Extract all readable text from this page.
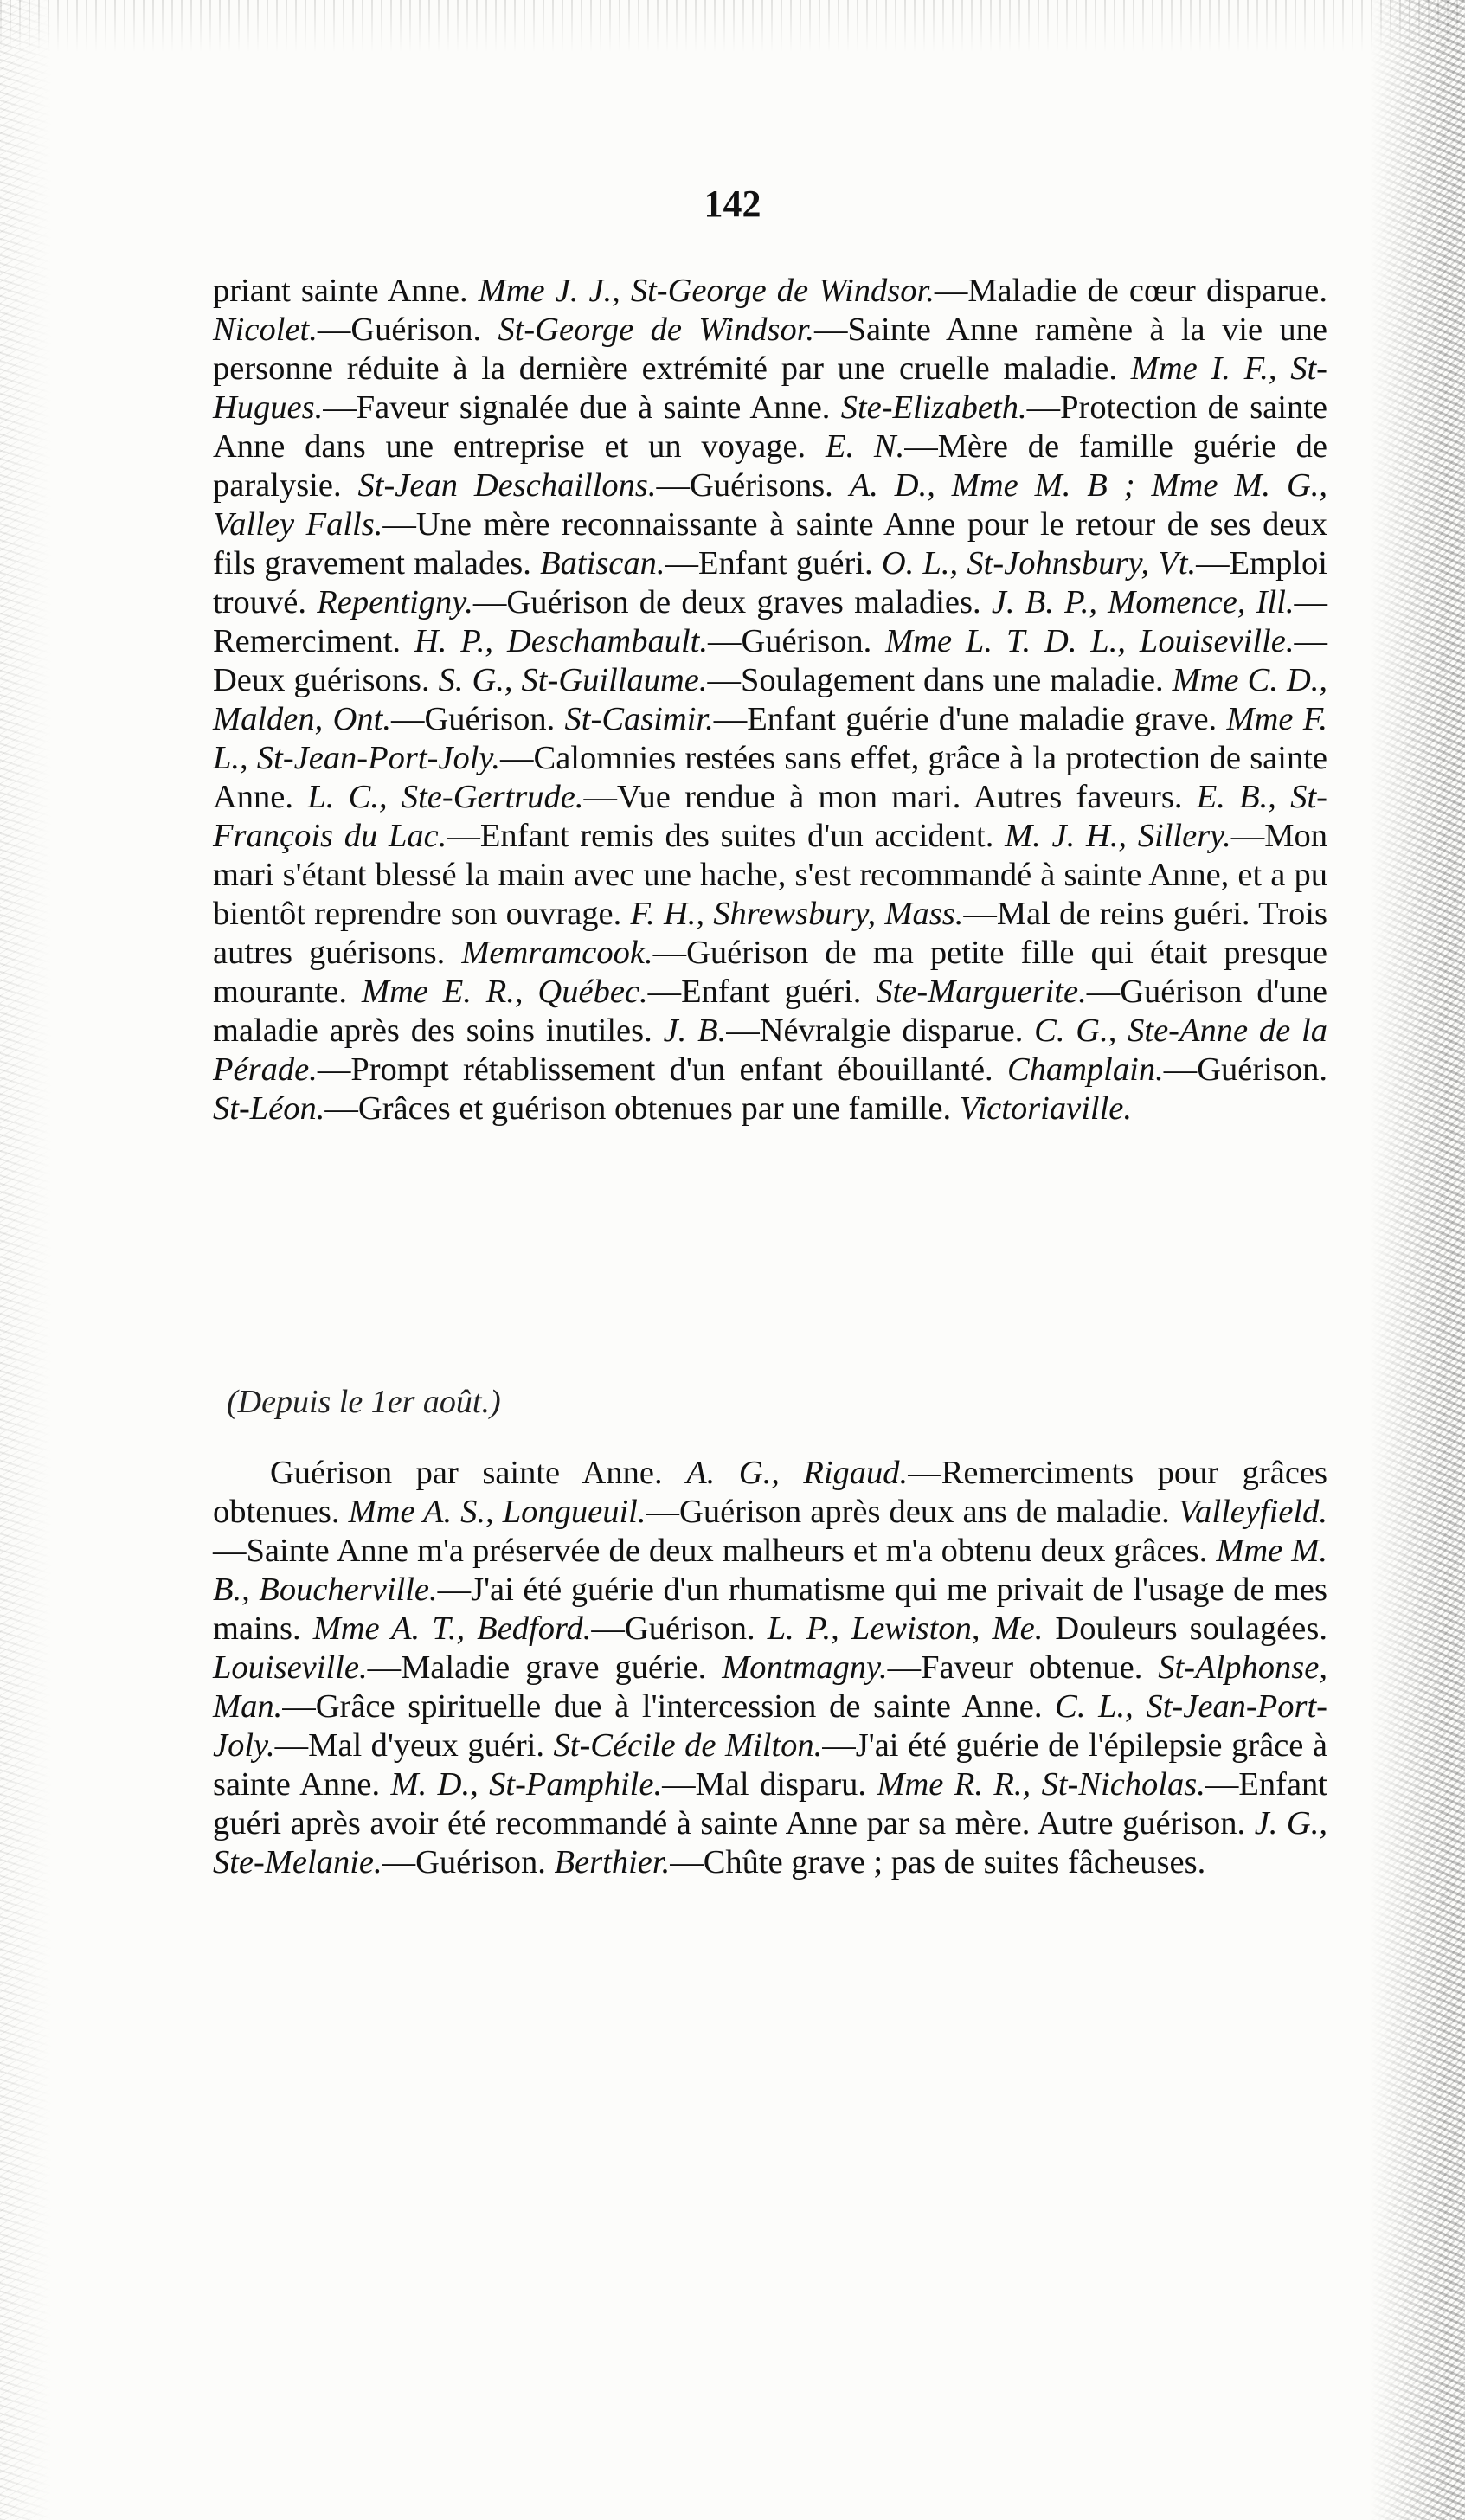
142
priant sainte Anne. Mme J. J., St-George de Windsor.—Maladie de cœur disparue. Nicolet.—Guérison. St-George de Windsor.—Sainte Anne ramène à la vie une personne réduite à la dernière extrémité par une cruelle maladie. Mme I. F., St-Hugues.—Faveur signalée due à sainte Anne. Ste-Elizabeth.—Protection de sainte Anne dans une entreprise et un voyage. E. N.—Mère de famille guérie de paralysie. St-Jean Deschaillons.—Guérisons. A. D., Mme M. B ; Mme M. G., Valley Falls.—Une mère reconnaissante à sainte Anne pour le retour de ses deux fils gravement malades. Batiscan.—Enfant guéri. O. L., St-Johnsbury, Vt.—Emploi trouvé. Repentigny.—Guérison de deux graves maladies. J. B. P., Momence, Ill.—Remerciment. H. P., Deschambault.—Guérison. Mme L. T. D. L., Louiseville.—Deux guérisons. S. G., St-Guillaume.—Soulagement dans une maladie. Mme C. D., Malden, Ont.—Guérison. St-Casimir.—Enfant guérie d'une maladie grave. Mme F. L., St-Jean-Port-Joly.—Calomnies restées sans effet, grâce à la protection de sainte Anne. L. C., Ste-Gertrude.—Vue rendue à mon mari. Autres faveurs. E. B., St-François du Lac.—Enfant remis des suites d'un accident. M. J. H., Sillery.—Mon mari s'étant blessé la main avec une hache, s'est recommandé à sainte Anne, et a pu bientôt reprendre son ouvrage. F. H., Shrewsbury, Mass.—Mal de reins guéri. Trois autres guérisons. Memramcook.—Guérison de ma petite fille qui était presque mourante. Mme E. R., Québec.—Enfant guéri. Ste-Marguerite.—Guérison d'une maladie après des soins inutiles. J. B.—Névralgie disparue. C. G., Ste-Anne de la Pérade.—Prompt rétablissement d'un enfant ébouillanté. Champlain.—Guérison. St-Léon.—Grâces et guérison obtenues par une famille. Victoriaville.
(Depuis le 1er août.)
Guérison par sainte Anne. A. G., Rigaud.—Remerciments pour grâces obtenues. Mme A. S., Longueuil.—Guérison après deux ans de maladie. Valleyfield.—Sainte Anne m'a préservée de deux malheurs et m'a obtenu deux grâces. Mme M. B., Boucherville.—J'ai été guérie d'un rhumatisme qui me privait de l'usage de mes mains. Mme A. T., Bedford.—Guérison. L. P., Lewiston, Me. Douleurs soulagées. Louiseville.—Maladie grave guérie. Montmagny.—Faveur obtenue. St-Alphonse, Man.—Grâce spirituelle due à l'intercession de sainte Anne. C. L., St-Jean-Port-Joly.—Mal d'yeux guéri. St-Cécile de Milton.—J'ai été guérie de l'épilepsie grâce à sainte Anne. M. D., St-Pamphile.—Mal disparu. Mme R. R., St-Nicholas.—Enfant guéri après avoir été recommandé à sainte Anne par sa mère. Autre guérison. J. G., Ste-Melanie.—Guérison. Berthier.—Chûte grave ; pas de suites fâcheuses.
